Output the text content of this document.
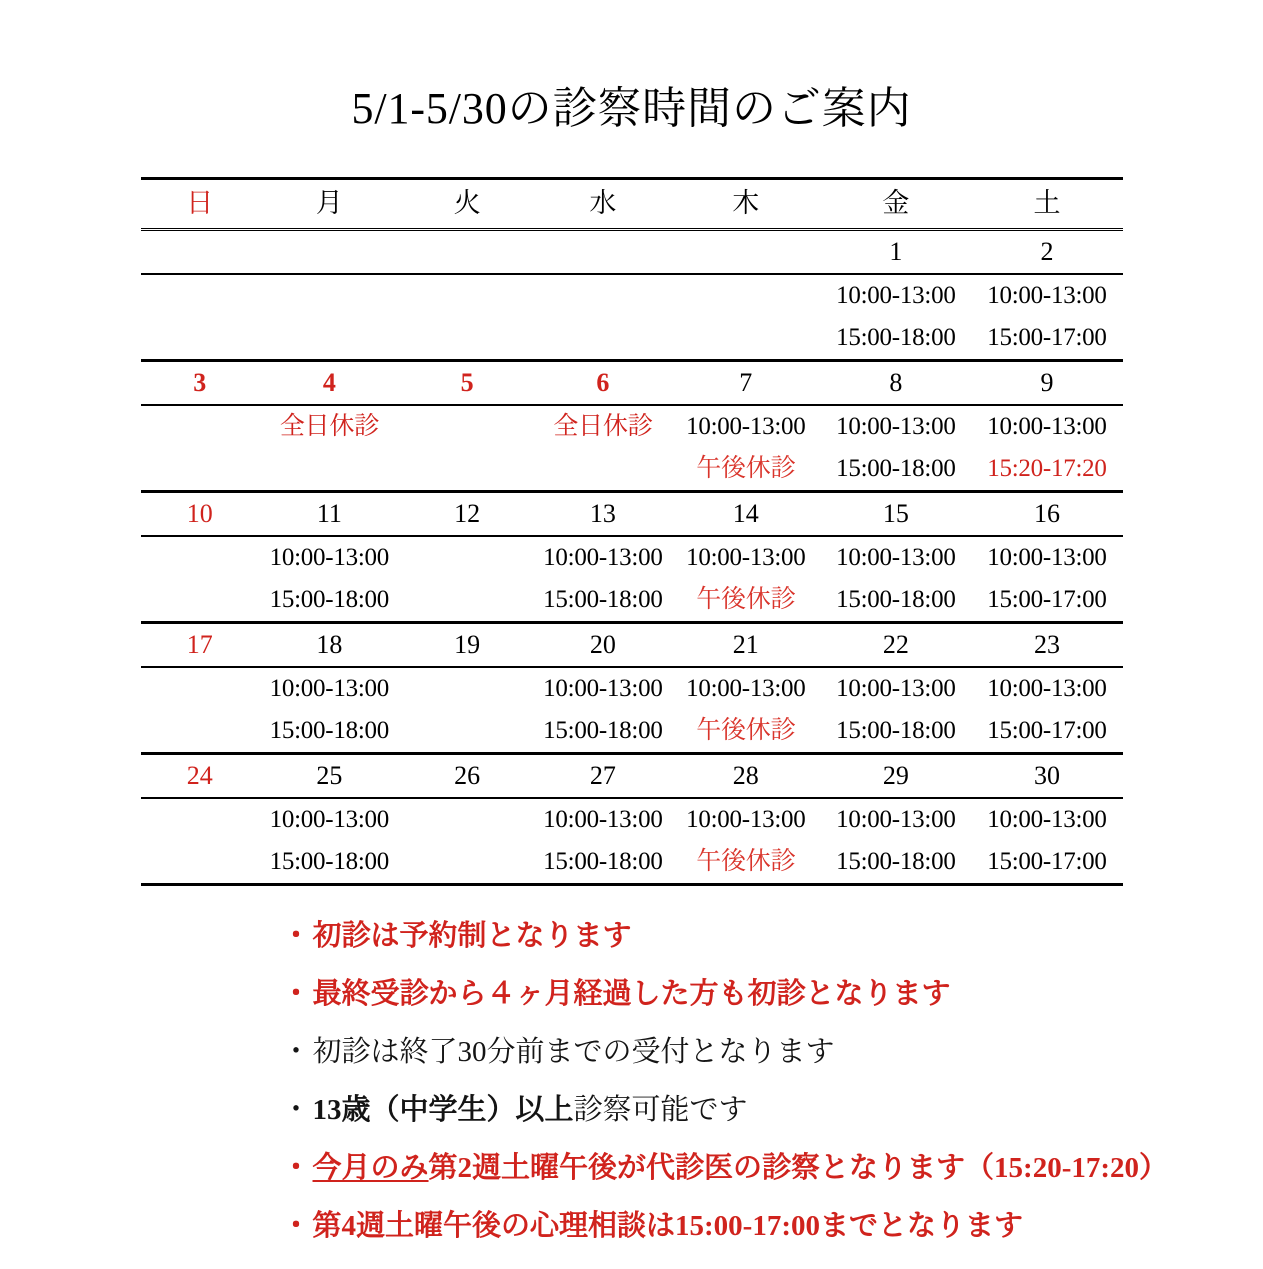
5/1-5/30の診察時間のご案内
日	月	火	水	木	金	土
					1	2
					10:00-13:00	10:00-13:00
					15:00-18:00	15:00-17:00
3	4	5	6	7	8	9
	全日休診		全日休診	10:00-13:00	10:00-13:00	10:00-13:00
				午後休診	15:00-18:00	15:20-17:20
10	11	12	13	14	15	16
	10:00-13:00		10:00-13:00	10:00-13:00	10:00-13:00	10:00-13:00
	15:00-18:00		15:00-18:00	午後休診	15:00-18:00	15:00-17:00
17	18	19	20	21	22	23
	10:00-13:00		10:00-13:00	10:00-13:00	10:00-13:00	10:00-13:00
	15:00-18:00		15:00-18:00	午後休診	15:00-18:00	15:00-17:00
24	25	26	27	28	29	30
	10:00-13:00		10:00-13:00	10:00-13:00	10:00-13:00	10:00-13:00
	15:00-18:00		15:00-18:00	午後休診	15:00-18:00	15:00-17:00

・初診は予約制となります

・最終受診から４ヶ月経過した方も初診となります

・初診は終了30分前までの受付となります

・13歳（中学生）以上診察可能です

・今月のみ第2週土曜午後が代診医の診察となります（15:20-17:20）

・第4週土曜午後の心理相談は15:00-17:00までとなります
